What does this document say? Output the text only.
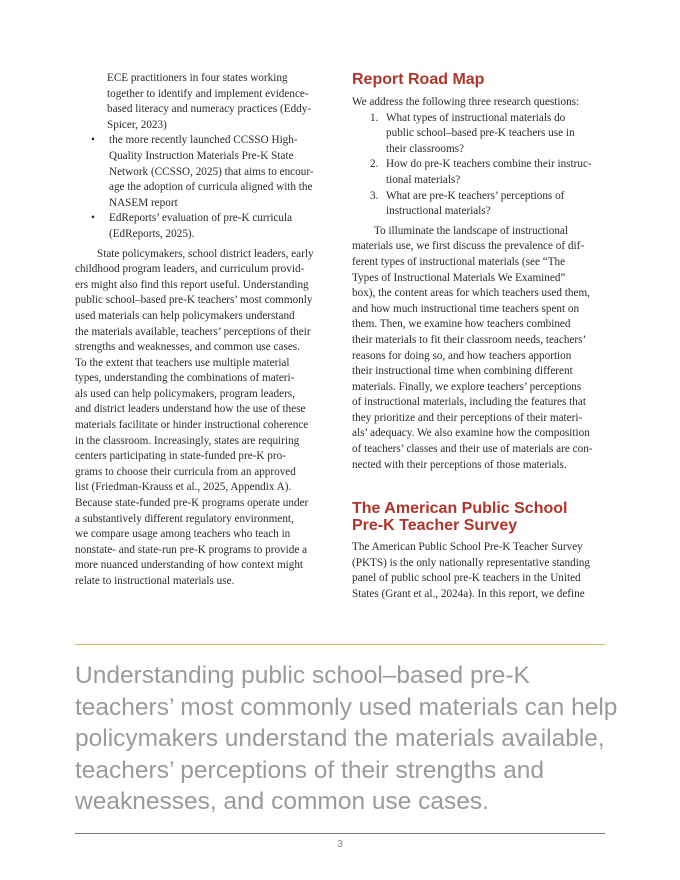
ECE practitioners in four states working
together to identify and implement evidence-
based literacy and numeracy practices (Eddy-
Spicer, 2023)
• the more recently launched CCSSO High-
Quality Instruction Materials Pre-K State
Network (CCSSO, 2025) that aims to encour-
age the adoption of curricula aligned with the
NASEM report
• EdReports’ evaluation of pre-K curricula
(EdReports, 2025).
State policymakers, school district leaders, early
childhood program leaders, and curriculum provid-
ers might also find this report useful. Understanding
public school–based pre-K teachers’ most commonly
used materials can help policymakers understand
the materials available, teachers’ perceptions of their
strengths and weaknesses, and common use cases.
To the extent that teachers use multiple material
types, understanding the combinations of materi-
als used can help policymakers, program leaders,
and district leaders understand how the use of these
materials facilitate or hinder instructional coherence
in the classroom. Increasingly, states are requiring
centers participating in state-funded pre-K pro-
grams to choose their curricula from an approved
list (Friedman-Krauss et al., 2025, Appendix A).
Because state-funded pre-K programs operate under
a substantively different regulatory environment,
we compare usage among teachers who teach in
nonstate- and state-run pre-K programs to provide a
more nuanced understanding of how context might
relate to instructional materials use.
Report Road Map
We address the following three research questions:
1. What types of instructional materials do
public school–based pre-K teachers use in
their classrooms?
2. How do pre-K teachers combine their instruc-
tional materials?
3. What are pre-K teachers’ perceptions of
instructional materials?
To illuminate the landscape of instructional
materials use, we first discuss the prevalence of dif-
ferent types of instructional materials (see “The
Types of Instructional Materials We Examined”
box), the content areas for which teachers used them,
and how much instructional time teachers spent on
them. Then, we examine how teachers combined
their materials to fit their classroom needs, teachers’
reasons for doing so, and how teachers apportion
their instructional time when combining different
materials. Finally, we explore teachers’ perceptions
of instructional materials, including the features that
they prioritize and their perceptions of their materi-
als’ adequacy. We also examine how the composition
of teachers’ classes and their use of materials are con-
nected with their perceptions of those materials.
The American Public School
Pre-K Teacher Survey
The American Public School Pre-K Teacher Survey
(PKTS) is the only nationally representative standing
panel of public school pre-K teachers in the United
States (Grant et al., 2024a). In this report, we define
Understanding public school–based pre-K
teachers’ most commonly used materials can help
policymakers understand the materials available,
teachers’ perceptions of their strengths and
weaknesses, and common use cases.
3
